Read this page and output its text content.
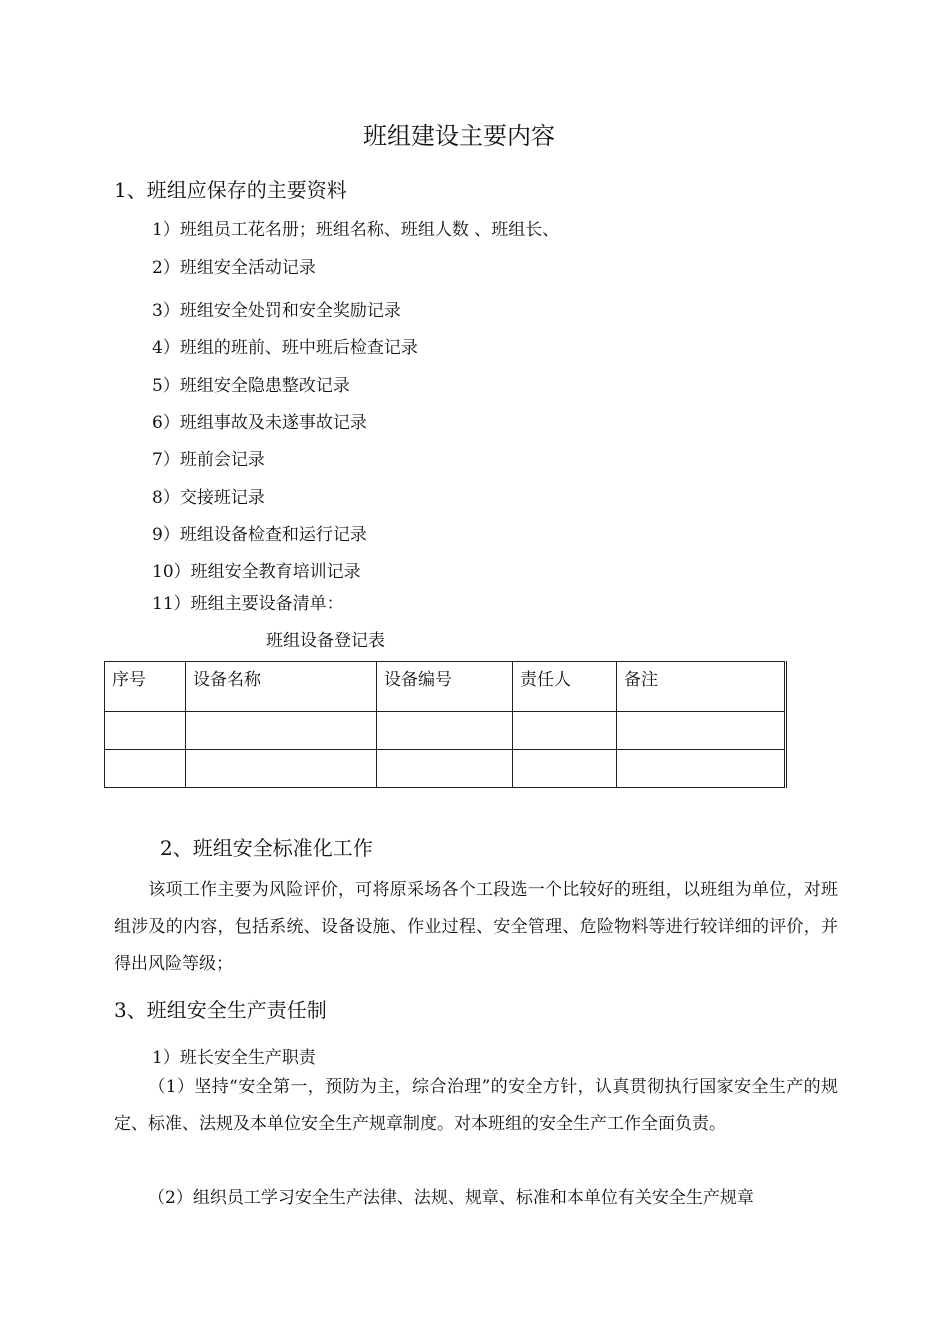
班组建设主要内容
1、班组应保存的主要资料
1）班组员工花名册；班组名称、班组人数 、班组长、
2）班组安全活动记录
3）班组安全处罚和安全奖励记录
4）班组的班前、班中班后检查记录
5）班组安全隐患整改记录
6）班组事故及未遂事故记录
7）班前会记录
8）交接班记录
9）班组设备检查和运行记录
10）班组安全教育培训记录
11）班组主要设备清单：
班组设备登记表
序号	设备名称	设备编号	责任人	备注

2、班组安全标准化工作
该项工作主要为风险评价，可将原采场各个工段选一个比较好的班组，以班组为单位，对班组涉及的内容，包括系统、设备设施、作业过程、安全管理、危险物料等进行较详细的评价，并得出风险等级；
3、班组安全生产责任制
1）班长安全生产职责
（1）坚持“安全第一，预防为主，综合治理”的安全方针，认真贯彻执行国家安全生产的规定、标准、法规及本单位安全生产规章制度。对本班组的安全生产工作全面负责。
（2）组织员工学习安全生产法律、法规、规章、标准和本单位有关安全生产规章
